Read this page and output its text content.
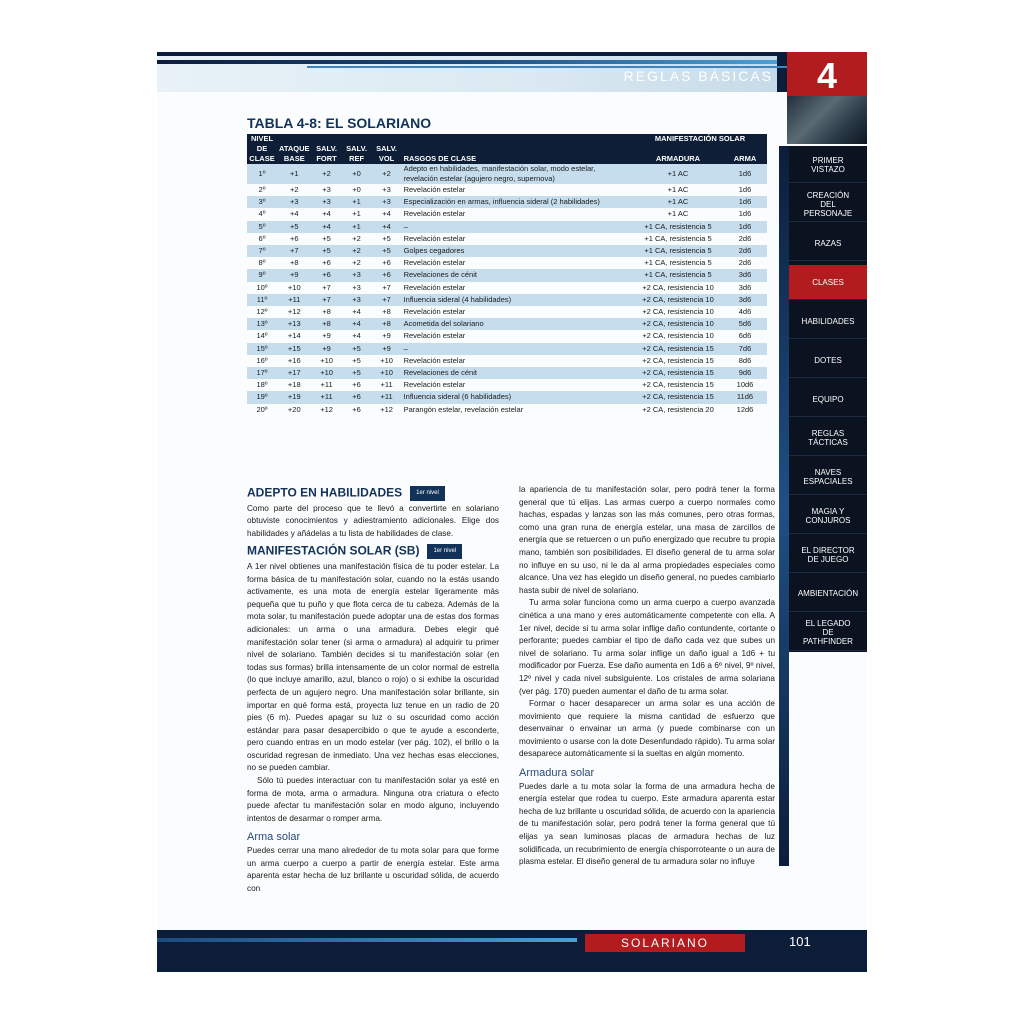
REGLAS BÁSICAS	4
PRIMER
VISTAZO
CREACIÓN
DEL
PERSONAJE
RAZAS
CLASES
HABILIDADES
DOTES
EQUIPO
REGLAS
TÁCTICAS
NAVES
ESPACIALES
MAGIA Y
CONJUROS
EL DIRECTOR
DE JUEGO
AMBIENTACIÓN
EL LEGADO
DE
PATHFINDER
TABLA 4-8: EL SOLARIANO
NIVEL						MANIFESTACIÓN SOLAR	
DE	ATAQUE	SALV.	SALV.	SALV.			
CLASE	BASE	FORT	REF	VOL	RASGOS DE CLASE	ARMADURA	ARMA
1º	+1	+2	+0	+2	Adepto en habilidades, manifestación solar, modo estelar, revelación estelar (agujero negro, supernova)	+1 AC	1d6
2º	+2	+3	+0	+3	Revelación estelar	+1 AC	1d6
3º	+3	+3	+1	+3	Especialización en armas, influencia sideral (2 habilidades)	+1 AC	1d6
4º	+4	+4	+1	+4	Revelación estelar	+1 AC	1d6
5º	+5	+4	+1	+4	–	+1 CA, resistencia 5	1d6
6º	+6	+5	+2	+5	Revelación estelar	+1 CA, resistencia 5	2d6
7º	+7	+5	+2	+5	Golpes cegadores	+1 CA, resistencia 5	2d6
8º	+8	+6	+2	+6	Revelación estelar	+1 CA, resistencia 5	2d6
9º	+9	+6	+3	+6	Revelaciones de cénit	+1 CA, resistencia 5	3d6
10º	+10	+7	+3	+7	Revelación estelar	+2 CA, resistencia 10	3d6
11º	+11	+7	+3	+7	Influencia sideral (4 habilidades)	+2 CA, resistencia 10	3d6
12º	+12	+8	+4	+8	Revelación estelar	+2 CA, resistencia 10	4d6
13º	+13	+8	+4	+8	Acometida del solariano	+2 CA, resistencia 10	5d6
14º	+14	+9	+4	+9	Revelación estelar	+2 CA, resistencia 10	6d6
15º	+15	+9	+5	+9	–	+2 CA, resistencia 15	7d6
16º	+16	+10	+5	+10	Revelación estelar	+2 CA, resistencia 15	8d6
17º	+17	+10	+5	+10	Revelaciones de cénit	+2 CA, resistencia 15	9d6
18º	+18	+11	+6	+11	Revelación estelar	+2 CA, resistencia 15	10d6
19º	+19	+11	+6	+11	Influencia sideral (6 habilidades)	+2 CA, resistencia 15	11d6
20º	+20	+12	+6	+12	Parangón estelar, revelación estelar	+2 CA, resistencia 20	12d6
ADEPTO EN HABILIDADES 1er nivel

Como parte del proceso que te llevó a convertirte en solariano obtuviste conocimientos y adiestramiento adicionales. Elige dos habilidades y añádelas a tu lista de habilidades de clase.

MANIFESTACIÓN SOLAR (SB) 1er nivel

A 1er nivel obtienes una manifestación física de tu poder estelar. La forma básica de tu manifestación solar, cuando no la estás usando activamente, es una mota de energía estelar ligeramente más pequeña que tu puño y que flota cerca de tu cabeza. Además de la mota solar, tu manifestación puede adoptar una de estas dos formas adicionales: un arma o una armadura. Debes elegir qué manifestación solar tener (si arma o armadura) al adquirir tu primer nivel de solariano. También decides si tu manifestación solar (en todas sus formas) brilla intensamente de un color normal de estrella (lo que incluye amarillo, azul, blanco o rojo) o si exhibe la oscuridad perfecta de un agujero negro. Una manifestación solar brillante, sin importar en qué forma está, proyecta luz tenue en un radio de 20 pies (6 m). Puedes apagar su luz o su oscuridad como acción estándar para pasar desapercibido o que te ayude a esconderte, pero cuando entras en un modo estelar (ver pág. 102), el brillo o la oscuridad regresan de inmediato. Una vez hechas esas elecciones, no se pueden cambiar.

Sólo tú puedes interactuar con tu manifestación solar ya esté en forma de mota, arma o armadura. Ninguna otra criatura o efecto puede afectar tu manifestación solar en modo alguno, incluyendo intentos de desarmar o romper arma.

Arma solar

Puedes cerrar una mano alrededor de tu mota solar para que forme un arma cuerpo a cuerpo a partir de energía estelar. Este arma aparenta estar hecha de luz brillante u oscuridad sólida, de acuerdo con

la apariencia de tu manifestación solar, pero podrá tener la forma general que tú elijas. Las armas cuerpo a cuerpo normales como hachas, espadas y lanzas son las más comunes, pero otras formas, como una gran runa de energía estelar, una masa de zarcillos de energía que se retuercen o un puño energizado que recubre tu propia mano, también son posibilidades. El diseño general de tu arma solar no influye en su uso, ni le da al arma propiedades especiales como alcance. Una vez has elegido un diseño general, no puedes cambiarlo hasta subir de nivel de solariano.

Tu arma solar funciona como un arma cuerpo a cuerpo avanzada cinética a una mano y eres automáticamente competente con ella. A 1er nivel, decide si tu arma solar inflige daño contundente, cortante o perforante; puedes cambiar el tipo de daño cada vez que subes un nivel de solariano. Tu arma solar inflige un daño igual a 1d6 + tu modificador por Fuerza. Ese daño aumenta en 1d6 a 6º nivel, 9º nivel, 12º nivel y cada nivel subsiguiente. Los cristales de arma solariana (ver pág. 170) pueden aumentar el daño de tu arma solar.

Formar o hacer desaparecer un arma solar es una acción de movimiento que requiere la misma cantidad de esfuerzo que desenvainar o envainar un arma (y puede combinarse con un movimiento o usarse con la dote Desenfundado rápido). Tu arma solar desaparece automáticamente si la sueltas en algún momento.

Armadura solar

Puedes darle a tu mota solar la forma de una armadura hecha de energía estelar que rodea tu cuerpo. Este armadura aparenta estar hecha de luz brillante u oscuridad sólida, de acuerdo con la apariencia de tu manifestación solar, pero podrá tener la forma general que tú elijas ya sean luminosas placas de armadura hechas de luz solidificada, un recubrimiento de energía chisporroteante o un aura de plasma estelar. El diseño general de tu armadura solar no influye

SOLARIANO	101
